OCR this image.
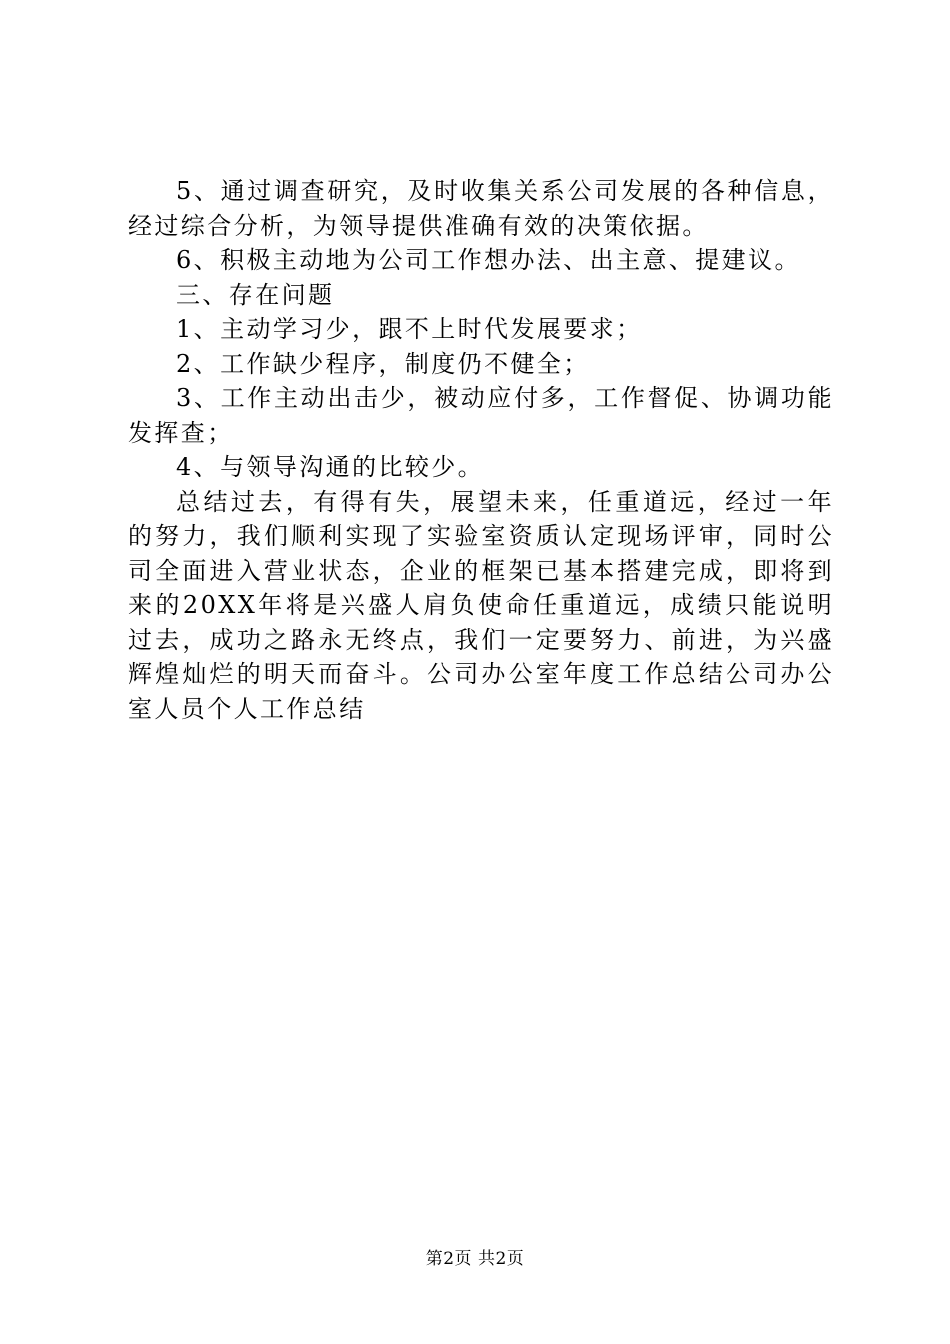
5、通过调查研究，及时收集关系公司发展的各种信息，经过综合分析，为领导提供准确有效的决策依据。

6、积极主动地为公司工作想办法、出主意、提建议。

三、存在问题

1、主动学习少，跟不上时代发展要求；

2、工作缺少程序，制度仍不健全；

3、工作主动出击少，被动应付多，工作督促、协调功能发挥查；

4、与领导沟通的比较少。

总结过去，有得有失，展望未来，任重道远，经过一年的努力，我们顺利实现了实验室资质认定现场评审，同时公司全面进入营业状态，企业的框架已基本搭建完成，即将到来的20XX年将是兴盛人肩负使命任重道远，成绩只能说明过去，成功之路永无终点，我们一定要努力、前进，为兴盛辉煌灿烂的明天而奋斗。公司办公室年度工作总结公司办公室人员个人工作总结

第2页 共2页
